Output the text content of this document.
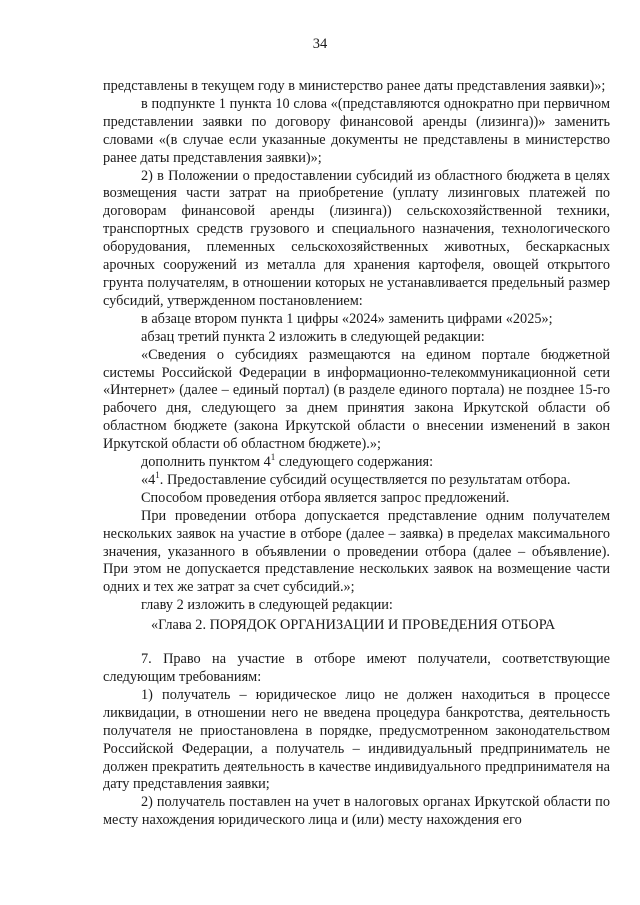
34

представлены в текущем году в министерство ранее даты представления заявки)»;

в подпункте 1 пункта 10 слова «(представляются однократно при первичном представлении заявки по договору финансовой аренды (лизинга))» заменить словами «(в случае если указанные документы не представлены в министерство ранее даты представления заявки)»;

2) в Положении о предоставлении субсидий из областного бюджета в целях возмещения части затрат на приобретение (уплату лизинговых платежей по договорам финансовой аренды (лизинга)) сельскохозяйственной техники, транспортных средств грузового и специального назначения, технологического оборудования, племенных сельскохозяйственных животных, бескаркасных арочных сооружений из металла для хранения картофеля, овощей открытого грунта получателям, в отношении которых не устанавливается предельный размер субсидий, утвержденном постановлением:

в абзаце втором пункта 1 цифры «2024» заменить цифрами «2025»;

абзац третий пункта 2 изложить в следующей редакции:

«Сведения о субсидиях размещаются на едином портале бюджетной системы Российской Федерации в информационно-телекоммуникационной сети «Интернет» (далее – единый портал) (в разделе единого портала) не позднее 15-го рабочего дня, следующего за днем принятия закона Иркутской области об областном бюджете (закона Иркутской области о внесении изменений в закон Иркутской области об областном бюджете).»;

дополнить пунктом $4^1$ следующего содержания:

«$4^1$. Предоставление субсидий осуществляется по результатам отбора.

Способом проведения отбора является запрос предложений.

При проведении отбора допускается представление одним получателем нескольких заявок на участие в отборе (далее – заявка) в пределах максимального значения, указанного в объявлении о проведении отбора (далее – объявление). При этом не допускается представление нескольких заявок на возмещение части одних и тех же затрат за счет субсидий.»;

главу 2 изложить в следующей редакции:

«Глава 2. ПОРЯДОК ОРГАНИЗАЦИИ И ПРОВЕДЕНИЯ ОТБОРА

7. Право на участие в отборе имеют получатели, соответствующие следующим требованиям:

1) получатель – юридическое лицо не должен находиться в процессе ликвидации, в отношении него не введена процедура банкротства, деятельность получателя не приостановлена в порядке, предусмотренном законодательством Российской Федерации, а получатель – индивидуальный предприниматель не должен прекратить деятельность в качестве индивидуального предпринимателя на дату представления заявки;

2) получатель поставлен на учет в налоговых органах Иркутской области по месту нахождения юридического лица и (или) месту нахождения его
